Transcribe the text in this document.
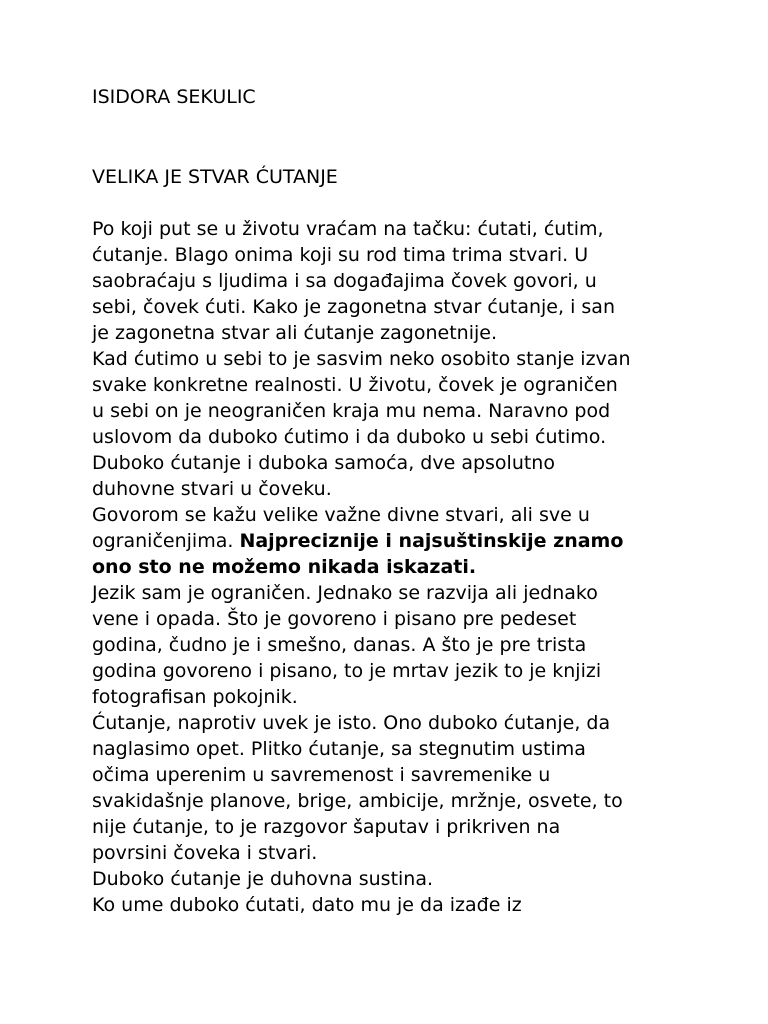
ISIDORA SEKULIC

VELIKA JE STVAR ĆUTANJE

Po koji put se u životu vraćam na tačku: ćutati, ćutim,
ćutanje. Blago onima koji su rod tima trima stvari. U
saobraćaju s ljudima i sa događajima čovek govori, u
sebi, čovek ćuti. Kako je zagonetna stvar ćutanje, i san
je zagonetna stvar ali ćutanje zagonetnije.
Kad ćutimo u sebi to je sasvim neko osobito stanje izvan
svake konkretne realnosti. U životu, čovek je ograničen
u sebi on je neograničen kraja mu nema. Naravno pod
uslovom da duboko ćutimo i da duboko u sebi ćutimo.
Duboko ćutanje i duboka samoća, dve apsolutno
duhovne stvari u čoveku.
Govorom se kažu velike važne divne stvari, ali sve u
ograničenjima. Najpreciznije i najsuštinskije znamo
ono sto ne možemo nikada iskazati.
Jezik sam je ograničen. Jednako se razvija ali jednako
vene i opada. Što je govoreno i pisano pre pedeset
godina, čudno je i smešno, danas. A što je pre trista
godina govoreno i pisano, to je mrtav jezik to je knjizi
fotografisan pokojnik.
Ćutanje, naprotiv uvek je isto. Ono duboko ćutanje, da
naglasimo opet. Plitko ćutanje, sa stegnutim ustima
očima uperenim u savremenost i savremenike u
svakidašnje planove, brige, ambicije, mržnje, osvete, to
nije ćutanje, to je razgovor šaputav i prikriven na
povrsini čoveka i stvari.
Duboko ćutanje je duhovna sustina.
Ko ume duboko ćutati, dato mu je da izađe iz
